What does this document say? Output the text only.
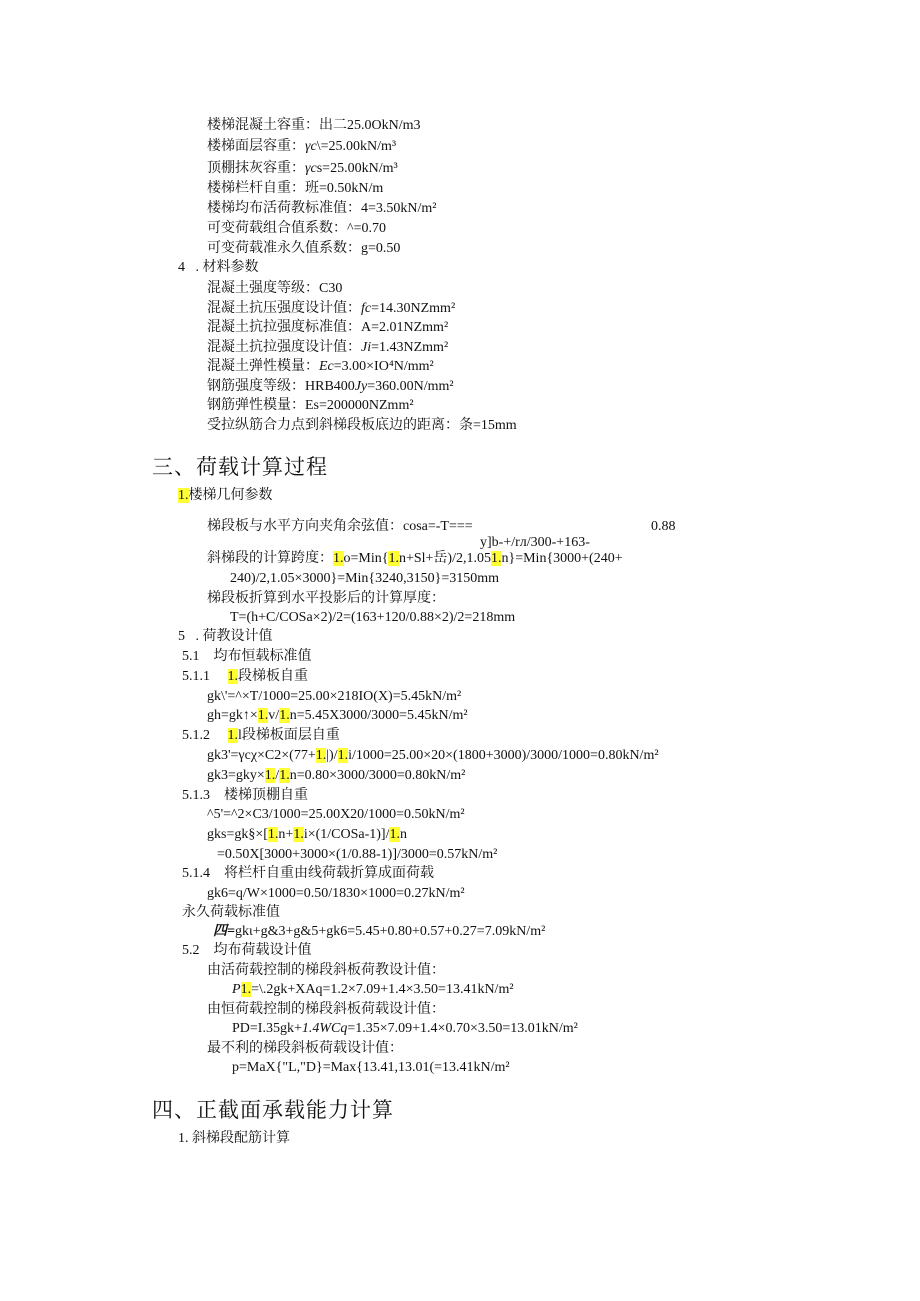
楼梯混凝土容重：出二25.0OkN/m3
楼梯面层容重：γc\=25.00kN/m³
顶棚抹灰容重：γcs=25.00kN/m³
楼梯栏杆自重：班=0.50kN/m
楼梯均布活荷教标准值：4=3.50kN/m²
可变荷载组合值系数：^=0.70
可变荷载准永久值系数：g=0.50
4   . 材料参数
混凝土强度等级：C30
混凝土抗压强度设计值：fc=14.30NZmm²
混凝土抗拉强度标准值：A=2.01NZmm²
混凝土抗拉强度设计值：Ji=1.43NZmm²
混凝土弹性模量：Ec=3.00×IO⁴N/mm²
钢筋强度等级：HRB400Jy=360.00N/mm²
钢筋弹性模量：Es=200000NZmm²
受拉纵筋合力点到斜梯段板底边的距离：条=15mm
三、荷载计算过程
1.楼梯几何参数
梯段板与水平方向夹角余弦值：cosa=-T===	0.88
y]b-+/rл/300-+163-
斜梯段的计算跨度：1.o=Min{1.n+Sl+岳)/2,1.051.n}=Min{3000+(240+
240)/2,1.05×3000}=Min{3240,3150}=3150mm
梯段板折算到水平投影后的计算厚度：
T=(h+C/COSa×2)/2=(163+120/0.88×2)/2=218mm
5   . 荷教设计值
5.1    均布恒载标准值
5.1.1 1.段梯板自重
gk\'=^×T/1000=25.00×218IO(X)=5.45kN/m²
gh=gk↑×1.v/1.n=5.45X3000/3000=5.45kN/m²
5.1.2 1.l段梯板面层自重
gk3'=γcχ×C2×(77+1.|)/1.i/1000=25.00×20×(1800+3000)/3000/1000=0.80kN/m²
gk3=gky×1./1.n=0.80×3000/3000=0.80kN/m²
5.1.3    楼梯顶棚自重
^5'=^2×C3/1000=25.00X20/1000=0.50kN/m²
gks=gk§×[1.n+1.i×(1/COSa-1)]/1.n
=0.50X[3000+3000×(1/0.88-1)]/3000=0.57kN/m²
5.1.4    将栏杆自重由线荷载折算成面荷载
gk6=q/W×1000=0.50/1830×1000=0.27kN/m²
永久荷载标准值
四=gkι+g&3+g&5+gk6=5.45+0.80+0.57+0.27=7.09kN/m²
5.2    均布荷载设计值
由活荷载控制的梯段斜板荷教设计值：
P1.=\.2gk+XAq=1.2×7.09+1.4×3.50=13.41kN/m²
由恒荷载控制的梯段斜板荷载设计值：
PD=I.35gk+1.4WCq=1.35×7.09+1.4×0.70×3.50=13.01kN/m²
最不利的梯段斜板荷载设计值：
p=MaX{"L,"D}=Max{13.41,13.01(=13.41kN/m²
四、正截面承载能力计算
1. 斜梯段配筋计算
